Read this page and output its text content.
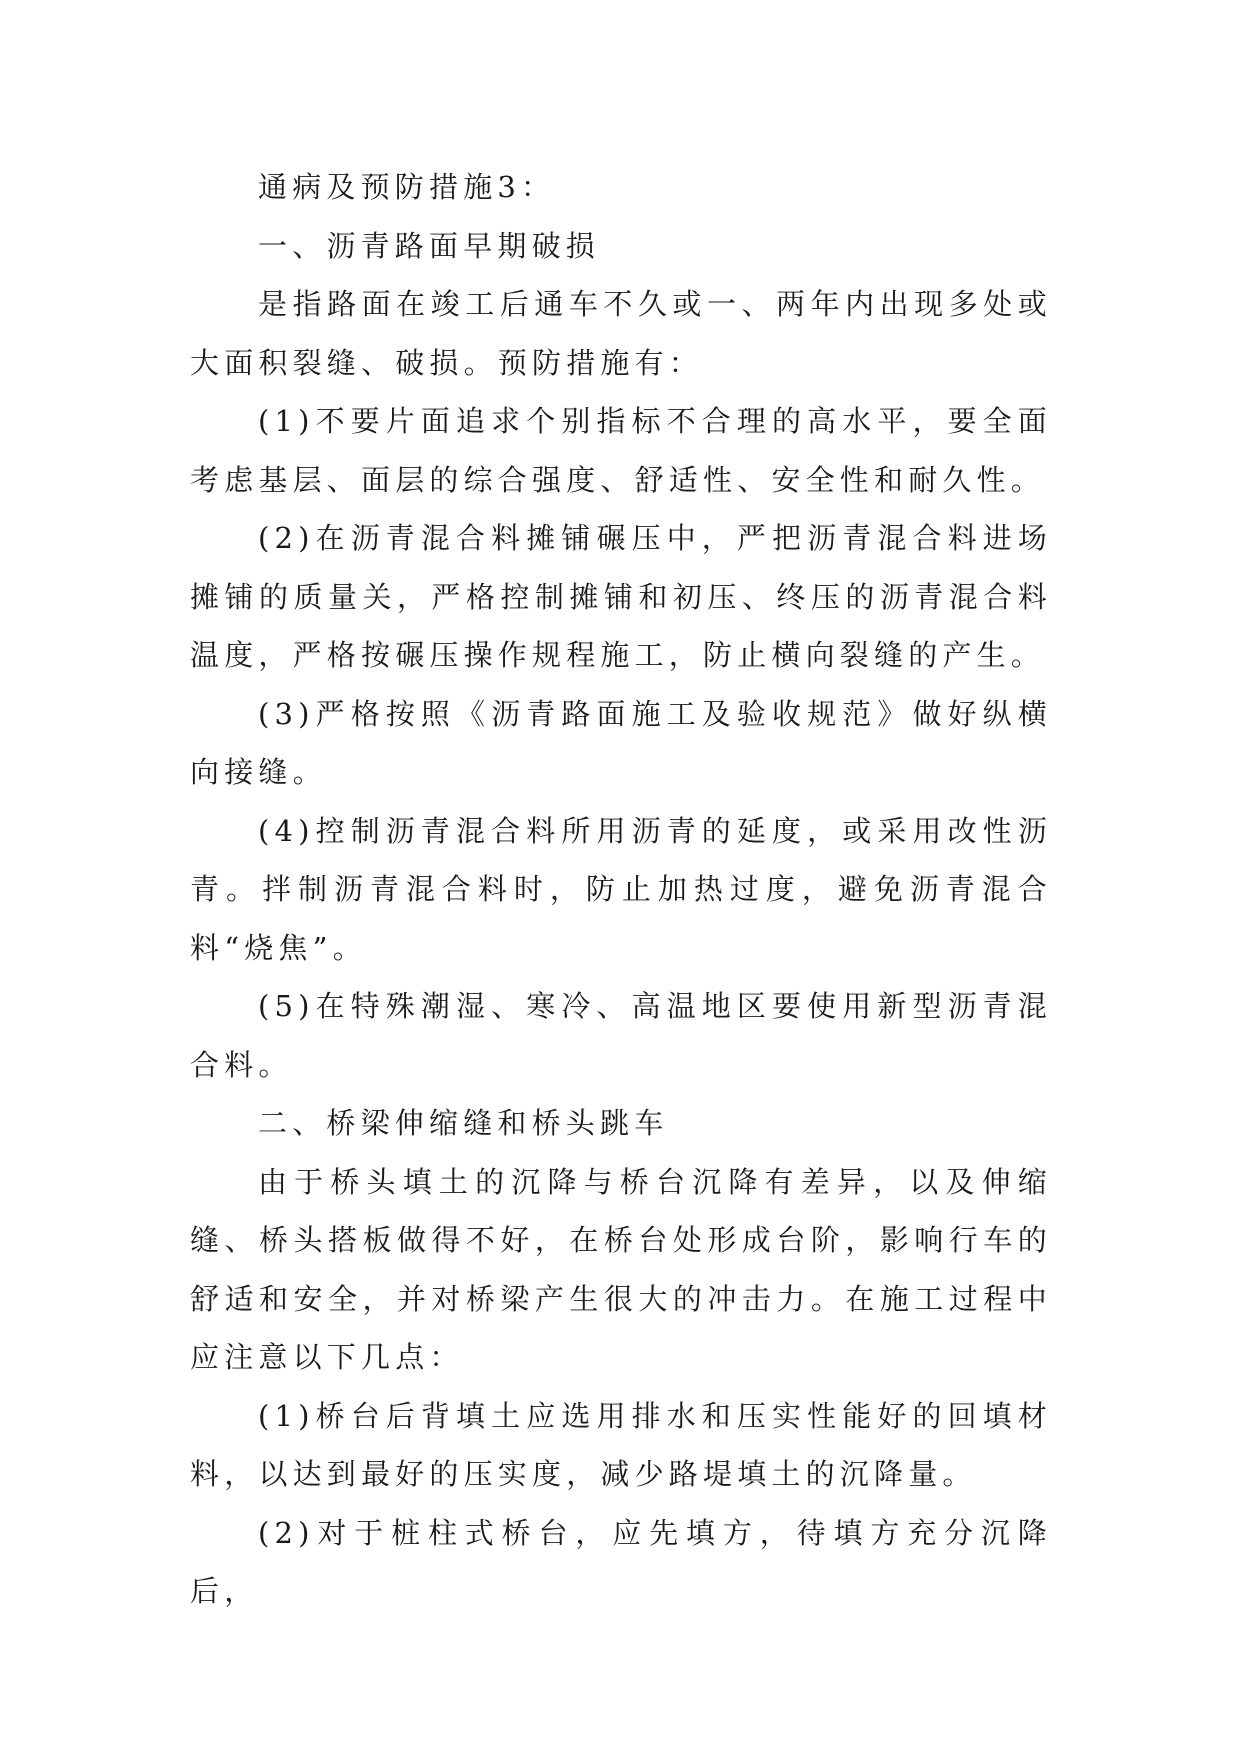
通病及预防措施3：

一、沥青路面早期破损

是指路面在竣工后通车不久或一、两年内出现多处或大面积裂缝、破损。预防措施有：

(1)不要片面追求个别指标不合理的高水平，要全面考虑基层、面层的综合强度、舒适性、安全性和耐久性。

(2)在沥青混合料摊铺碾压中，严把沥青混合料进场摊铺的质量关，严格控制摊铺和初压、终压的沥青混合料温度，严格按碾压操作规程施工，防止横向裂缝的产生。

(3)严格按照《沥青路面施工及验收规范》做好纵横向接缝。

(4)控制沥青混合料所用沥青的延度，或采用改性沥青。拌制沥青混合料时，防止加热过度，避免沥青混合料“烧焦”。

(5)在特殊潮湿、寒冷、高温地区要使用新型沥青混合料。

二、桥梁伸缩缝和桥头跳车

由于桥头填土的沉降与桥台沉降有差异，以及伸缩缝、桥头搭板做得不好，在桥台处形成台阶，影响行车的舒适和安全，并对桥梁产生很大的冲击力。在施工过程中应注意以下几点：

(1)桥台后背填土应选用排水和压实性能好的回填材料，以达到最好的压实度，减少路堤填土的沉降量。

(2)对于桩柱式桥台，应先填方，待填方充分沉降后，
